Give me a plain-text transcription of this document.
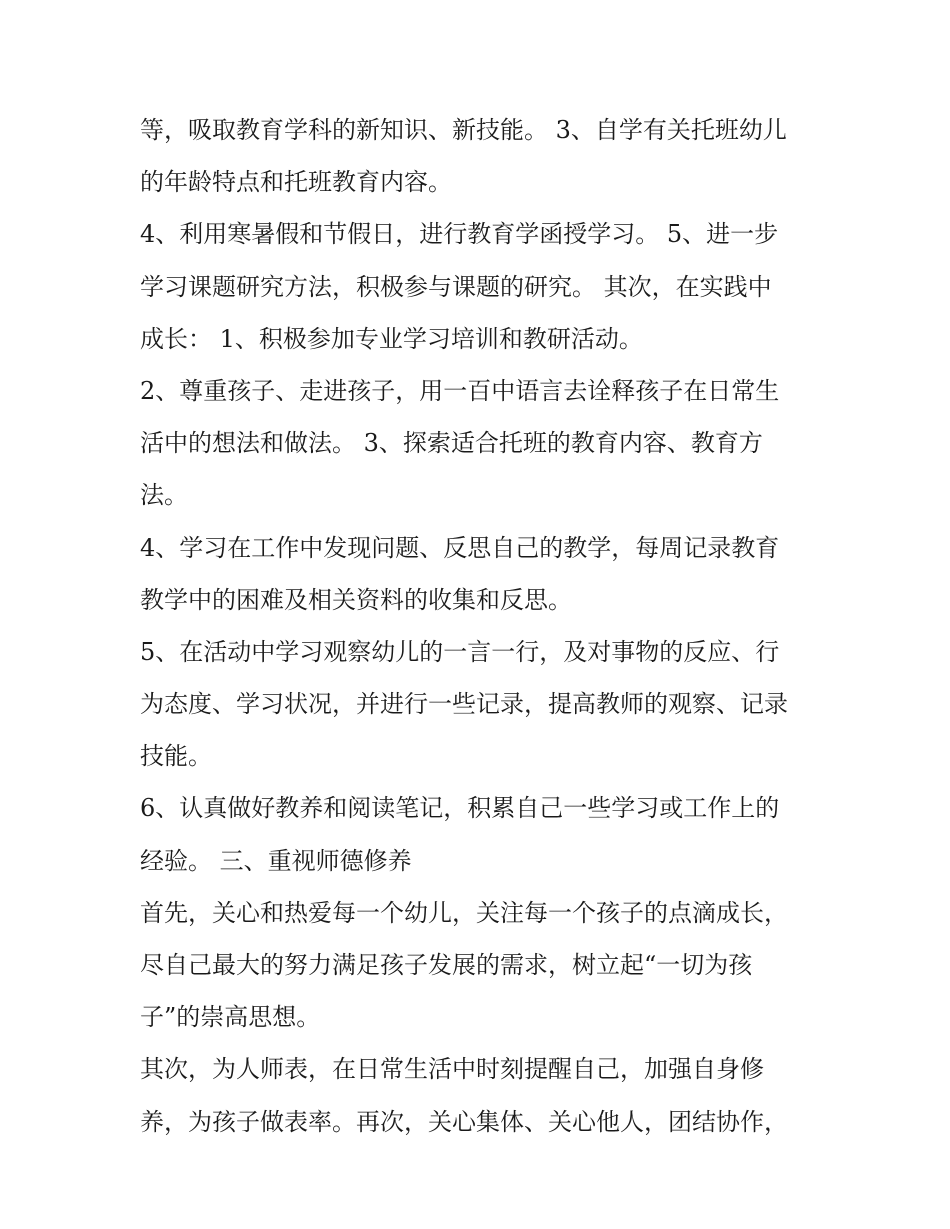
等，吸取教育学科的新知识、新技能。 3、自学有关托班幼儿
的年龄特点和托班教育内容。
4、利用寒暑假和节假日，进行教育学函授学习。 5、进一步
学习课题研究方法，积极参与课题的研究。 其次，在实践中
成长： 1、积极参加专业学习培训和教研活动。
2、尊重孩子、走进孩子，用一百中语言去诠释孩子在日常生
活中的想法和做法。 3、探索适合托班的教育内容、教育方
法。
4、学习在工作中发现问题、反思自己的教学，每周记录教育
教学中的困难及相关资料的收集和反思。
5、在活动中学习观察幼儿的一言一行，及对事物的反应、行
为态度、学习状况，并进行一些记录，提高教师的观察、记录
技能。
6、认真做好教养和阅读笔记，积累自己一些学习或工作上的
经验。 三、重视师德修养
首先，关心和热爱每一个幼儿，关注每一个孩子的点滴成长，
尽自己最大的努力满足孩子发展的需求，树立起“一切为孩
子”的崇高思想。
其次，为人师表，在日常生活中时刻提醒自己，加强自身修
养，为孩子做表率。再次，关心集体、关心他人，团结协作，
